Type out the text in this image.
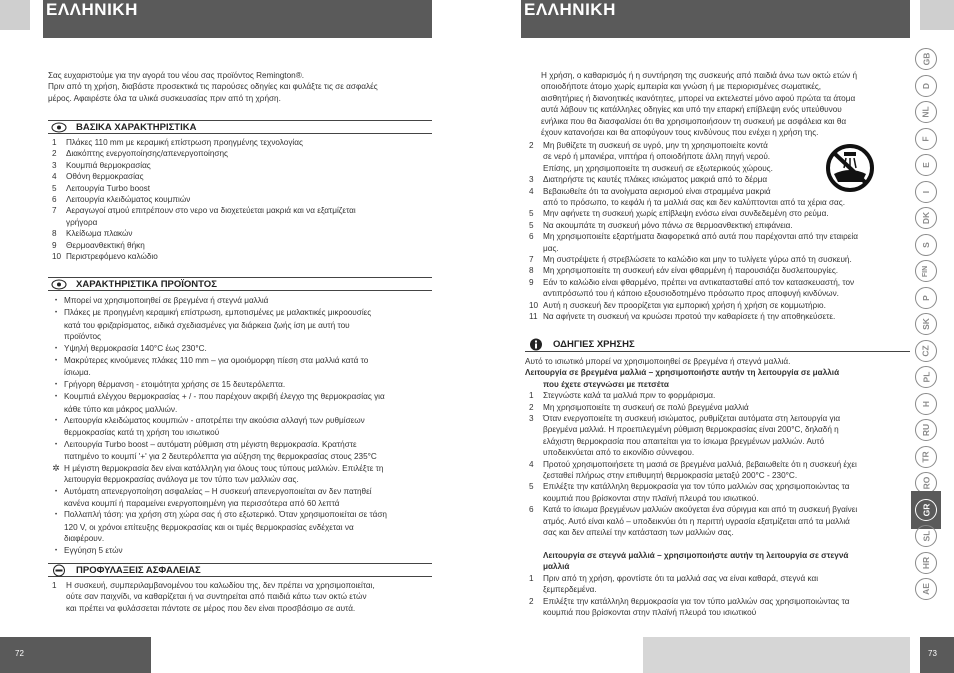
ΕΛΛΗΝΙΚΗ
Σας ευχαριστούμε για την αγορά του νέου σας προϊόντος Remington®.
Πριν από τη χρήση, διαβάστε προσεκτικά τις παρούσες οδηγίες και φυλάξτε τις σε ασφαλές
μέρος. Αφαιρέστε όλα τα υλικά συσκευασίας πριν από τη χρήση.
ΒΑΣΙΚΑ ΧΑΡΑΚΤΗΡΙΣΤΙΚΑ
1 Πλάκες 110 mm με κεραμική επίστρωση προηγμένης τεχνολογίας
2 Διακόπτης ενεργοποίησης/απενεργοποίησης
3 Κουμπιά θερμοκρασίας
4 Οθόνη θερμοκρασίας
5 Λειτουργία Turbo boost
6 Λειτουργία κλειδώματος κουμπιών
7 Αεραγωγοί ατμού επιτρέπουν στο νερο να διοχετεύεται μακριά και να εξατμίζεται
γρήγορα
8 Κλείδωμα πλακών
9 Θερμοανθεκτική θήκη
10 Περιστρεφόμενο καλώδιο
ΧΑΡΑΚΤΗΡΙΣΤΙΚΑ ΠΡΟΪΟΝΤΟΣ
• Μπορεί να χρησιμοποιηθεί σε βρεγμένα ή στεγνά μαλλιά
• Πλάκες με προηγμένη κεραμική επίστρωση, εμποτισμένες με μαλακτικές μικροουσίες
κατά του φριζαρίσματος, ειδικά σχεδιασμένες για διάρκεια ζωής ίση με αυτή του
προϊόντος
• Υψηλή θερμοκρασία 140°C έως 230°C.
• Μακρύτερες κινούμενες πλάκες 110 mm – για ομοιόμορφη πίεση στα μαλλιά κατά το
ίσιωμα.
• Γρήγορη θέρμανση - ετοιμότητα χρήσης σε 15 δευτερόλεπτα.
• Κουμπιά ελέγχου θερμοκρασίας + / - που παρέχουν ακριβή έλεγχο της θερμοκρασίας για
κάθε τύπο και μάκρος μαλλιών.
• Λειτουργία κλειδώματος κουμπιών - αποτρέπει την ακούσια αλλαγή των ρυθμίσεων
θερμοκρασίας κατά τη χρήση του ισιωτικού
• Λειτουργία Turbo boost – αυτόματη ρύθμιση στη μέγιστη θερμοκρασία. Κρατήστε
πατημένο το κουμπί '+' για 2 δευτερόλεπτα για αύξηση της θερμοκρασίας στους 235°C
✲ Η μέγιστη θερμοκρασία δεν είναι κατάλληλη για όλους τους τύπους μαλλιών. Επιλέξτε τη
λειτουργία θερμοκρασίας ανάλογα με τον τύπο των μαλλιών σας.
• Αυτόματη απενεργοποίηση ασφαλείας – Η συσκευή απενεργοποιείται αν δεν πατηθεί
κανένα κουμπί ή παραμείνει ενεργοποιημένη για περισσότερα από 60 λεπτά
• Πολλαπλή τάση: για χρήση στη χώρα σας ή στο εξωτερικό. Όταν χρησιμοποιείται σε τάση
120 V, οι χρόνοι επίτευξης θερμοκρασίας και οι τιμές θερμοκρασίας ενδέχεται να
διαφέρουν.
• Εγγύηση 5 ετών
ΠΡΟΦΥΛΑΞΕΙΣ ΑΣΦΑΛΕΙΑΣ
1 Η συσκευή, συμπεριλαμβανομένου του καλωδίου της, δεν πρέπει να χρησιμοποιείται,
ούτε σαν παιχνίδι, να καθαρίζεται ή να συντηρείται από παιδιά κάτω των οκτώ ετών
και πρέπει να φυλάσσεται πάντοτε σε μέρος που δεν είναι προσβάσιμο σε αυτά.
72
ΕΛΛΗΝΙΚΗ
Η χρήση, ο καθαρισμός ή η συντήρηση της συσκευής από παιδιά άνω των οκτώ ετών ή
οποιοδήποτε άτομο χωρίς εμπειρία και γνώση ή με περιορισμένες σωματικές,
αισθητήριες ή διανοητικές ικανότητες, μπορεί να εκτελεστεί μόνο αφού πρώτα τα άτομα
αυτά λάβουν τις κατάλληλες οδηγίες και υπό την επαρκή επίβλεψη ενός υπεύθυνου
ενήλικα που θα διασφαλίσει ότι θα χρησιμοποιήσουν τη συσκευή με ασφάλεια και θα
έχουν κατανοήσει και θα αποφύγουν τους κινδύνους που ενέχει η χρήση της.
2 Μη βυθίζετε τη συσκευή σε υγρό, μην τη χρησιμοποιείτε κοντά
σε νερό ή μπανιέρα, νιπτήρα ή οποιοδήποτε άλλη πηγή νερού.
Επίσης, μη χρησιμοποιείτε τη συσκευή σε εξωτερικούς χώρους.
3 Διατηρήστε τις καυτές πλάκες ισιώματος μακριά από το δέρμα
4 Βεβαιωθείτε ότι τα ανοίγματα αερισμού είναι στραμμένα μακριά
από το πρόσωπο, το κεφάλι ή τα μαλλιά σας και δεν καλύπτονται από τα χέρια σας.
5 Μην αφήνετε τη συσκευή χωρίς επίβλεψη ενόσω είναι συνδεδεμένη στο ρεύμα.
5 Να ακουμπάτε τη συσκευή μόνο πάνω σε θερμοανθεκτική επιφάνεια.
6 Μη χρησιμοποιείτε εξαρτήματα διαφορετικά από αυτά που παρέχονται από την εταιρεία
μας.
7 Μη συστρέψετε ή στρεβλώσετε το καλώδιο και μην το τυλίγετε γύρω από τη συσκευή.
8 Μη χρησιμοποιείτε τη συσκευή εάν είναι φθαρμένη ή παρουσιάζει δυσλειτουργίες.
9 Εάν το καλώδιο είναι φθαρμένο, πρέπει να αντικατασταθεί από τον κατασκευαστή, τον
αντιπρόσωπό του ή κάποιο εξουσιοδοτημένο πρόσωπο προς αποφυγή κινδύνων.
10 Αυτή η συσκευή δεν προορίζεται για εμπορική χρήση ή χρήση σε κομμωτήριο.
11 Να αφήνετε τη συσκευή να κρυώσει προτού την καθαρίσετε ή την αποθηκεύσετε.
ΟΔΗΓΙΕΣ ΧΡΗΣΗΣ
Αυτό το ισιωτικό μπορεί να χρησιμοποιηθεί σε βρεγμένα ή στεγνά μαλλιά.
Λειτουργία σε βρεγμένα μαλλιά – χρησιμοποιήστε αυτήν τη λειτουργία σε μαλλιά
που έχετε στεγνώσει με πετσέτα
1 Στεγνώστε καλά τα μαλλιά πριν το φορμάρισμα.
2 Μη χρησιμοποιείτε τη συσκευή σε πολύ βρεγμένα μαλλιά
3 Όταν ενεργοποιείτε τη συσκευή ισιώματος, ρυθμίζεται αυτόματα στη λειτουργία για
βρεγμένα μαλλιά. Η προεπιλεγμένη ρύθμιση θερμοκρασίας είναι 200°C, δηλαδή η
ελάχιστη θερμοκρασία που απαιτείται για το ίσιωμα βρεγμένων μαλλιών. Αυτό
υποδεικνύεται από το εικονίδιο σύννεφου.
4 Προτού χρησιμοποιήσετε τη μασιά σε βρεγμένα μαλλιά, βεβαιωθείτε ότι η συσκευή έχει
ζεσταθεί πλήρως στην επιθυμητή θερμοκρασία μεταξύ 200°C - 230°C.
5 Επιλέξτε την κατάλληλη θερμοκρασία για τον τύπο μαλλιών σας χρησιμοποιώντας τα
κουμπιά που βρίσκονται στην πλαϊνή πλευρά του ισιωτικού.
6 Κατά το ίσιωμα βρεγμένων μαλλιών ακούγεται ένα σύριγμα και από τη συσκευή βγαίνει
ατμός. Αυτό είναι καλό – υποδεικνύει ότι η περιττή υγρασία εξατμίζεται από τα μαλλιά
σας και δεν απειλεί την κατάσταση των μαλλιών σας.

Λειτουργία σε στεγνά μαλλιά – χρησιμοποιήστε αυτήν τη λειτουργία σε στεγνά
μαλλιά
1 Πριν από τη χρήση, φροντίστε ότι τα μαλλιά σας να είναι καθαρά, στεγνά και
ξεμπερδεμένα.
2 Επιλέξτε την κατάλληλη θερμοκρασία για τον τύπο μαλλιών σας χρησιμοποιώντας τα
κουμπιά που βρίσκονται στην πλαϊνή πλευρά του ισιωτικού
73
GB
D
NL
F
E
I
DK
S
FIN
P
SK
CZ
PL
H
RU
TR
RO
GR
SL
HR
AE
